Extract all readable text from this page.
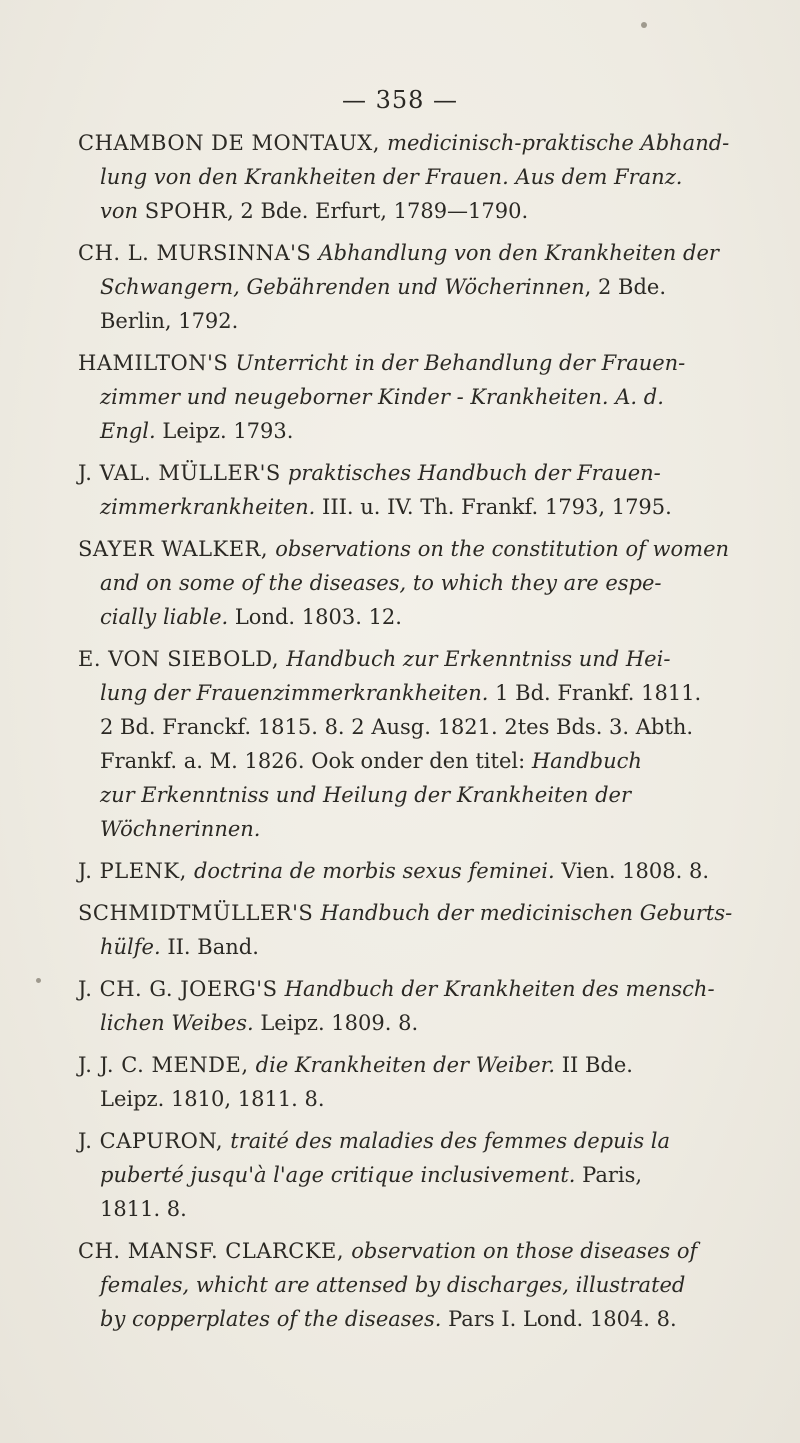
— 358 —
CHAMBON DE MONTAUX, medicinisch-praktische Abhand-
lung von den Krankheiten der Frauen. Aus dem Franz.
von SPOHR, 2 Bde. Erfurt, 1789—1790.
CH. L. MURSINNA'S Abhandlung von den Krankheiten der
Schwangern, Gebährenden und Wöcherinnen, 2 Bde.
Berlin, 1792.
HAMILTON'S Unterricht in der Behandlung der Frauen-
zimmer und neugeborner Kinder - Krankheiten. A. d.
Engl. Leipz. 1793.
J. VAL. MÜLLER'S praktisches Handbuch der Frauen-
zimmerkrankheiten. III. u. IV. Th. Frankf. 1793, 1795.
SAYER WALKER, observations on the constitution of women
and on some of the diseases, to which they are espe-
cially liable. Lond. 1803. 12.
E. VON SIEBOLD, Handbuch zur Erkenntniss und Hei-
lung der Frauenzimmerkrankheiten. 1 Bd. Frankf. 1811.
2 Bd. Franckf. 1815. 8. 2 Ausg. 1821. 2tes Bds. 3. Abth.
Frankf. a. M. 1826. Ook onder den titel: Handbuch
zur Erkenntniss und Heilung der Krankheiten der
Wöchnerinnen.
J. PLENK, doctrina de morbis sexus feminei. Vien. 1808. 8.
SCHMIDTMÜLLER'S Handbuch der medicinischen Geburts-
hülfe. II. Band.
J. CH. G. JOERG'S Handbuch der Krankheiten des mensch-
lichen Weibes. Leipz. 1809. 8.
J. J. C. MENDE, die Krankheiten der Weiber. II Bde.
Leipz. 1810, 1811. 8.
J. CAPURON, traité des maladies des femmes depuis la
puberté jusqu'à l'age critique inclusivement. Paris,
1811. 8.
CH. MANSF. CLARCKE, observation on those diseases of
females, whicht are attensed by discharges, illustrated
by copperplates of the diseases. Pars I. Lond. 1804. 8.
